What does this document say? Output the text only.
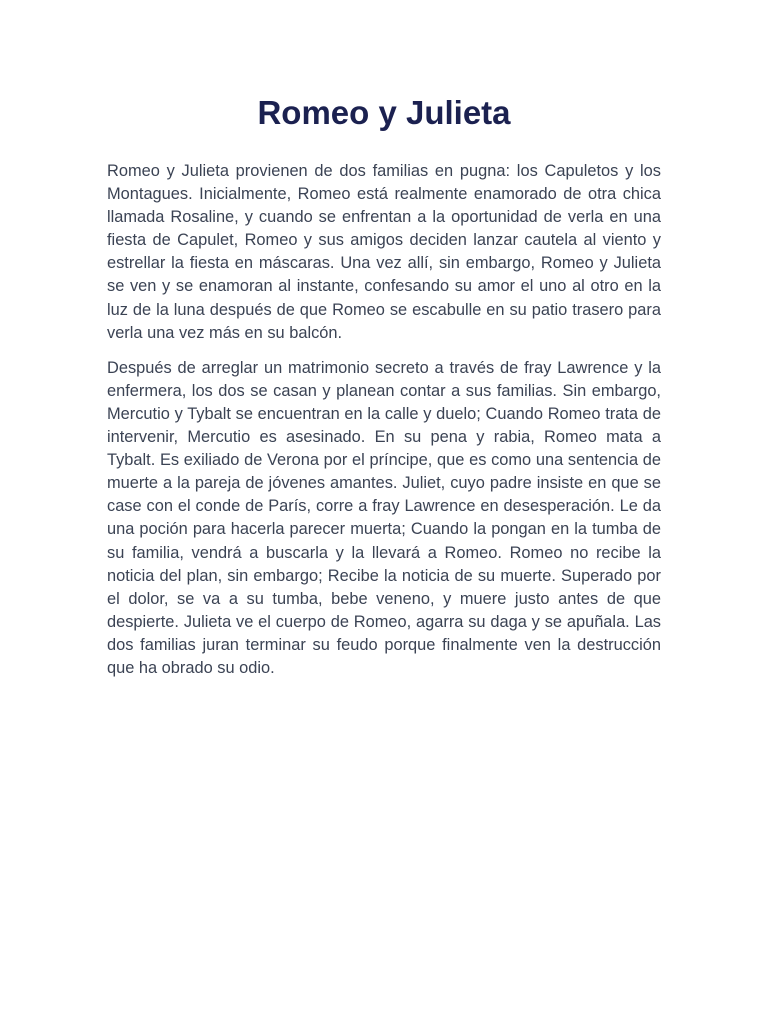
Romeo y Julieta

Romeo y Julieta provienen de dos familias en pugna: los Capuletos y los Montagues. Inicialmente, Romeo está realmente enamorado de otra chica llamada Rosaline, y cuando se enfrentan a la oportunidad de verla en una fiesta de Capulet, Romeo y sus amigos deciden lanzar cautela al viento y estrellar la fiesta en máscaras. Una vez allí, sin embargo, Romeo y Julieta se ven y se enamoran al instante, confesando su amor el uno al otro en la luz de la luna después de que Romeo se escabulle en su patio trasero para verla una vez más en su balcón.

Después de arreglar un matrimonio secreto a través de fray Lawrence y la enfermera, los dos se casan y planean contar a sus familias. Sin embargo, Mercutio y Tybalt se encuentran en la calle y duelo; Cuando Romeo trata de intervenir, Mercutio es asesinado. En su pena y rabia, Romeo mata a Tybalt. Es exiliado de Verona por el príncipe, que es como una sentencia de muerte a la pareja de jóvenes amantes. Juliet, cuyo padre insiste en que se case con el conde de París, corre a fray Lawrence en desesperación. Le da una poción para hacerla parecer muerta; Cuando la pongan en la tumba de su familia, vendrá a buscarla y la llevará a Romeo. Romeo no recibe la noticia del plan, sin embargo; Recibe la noticia de su muerte. Superado por el dolor, se va a su tumba, bebe veneno, y muere justo antes de que despierte. Julieta ve el cuerpo de Romeo, agarra su daga y se apuñala. Las dos familias juran terminar su feudo porque finalmente ven la destrucción que ha obrado su odio.
